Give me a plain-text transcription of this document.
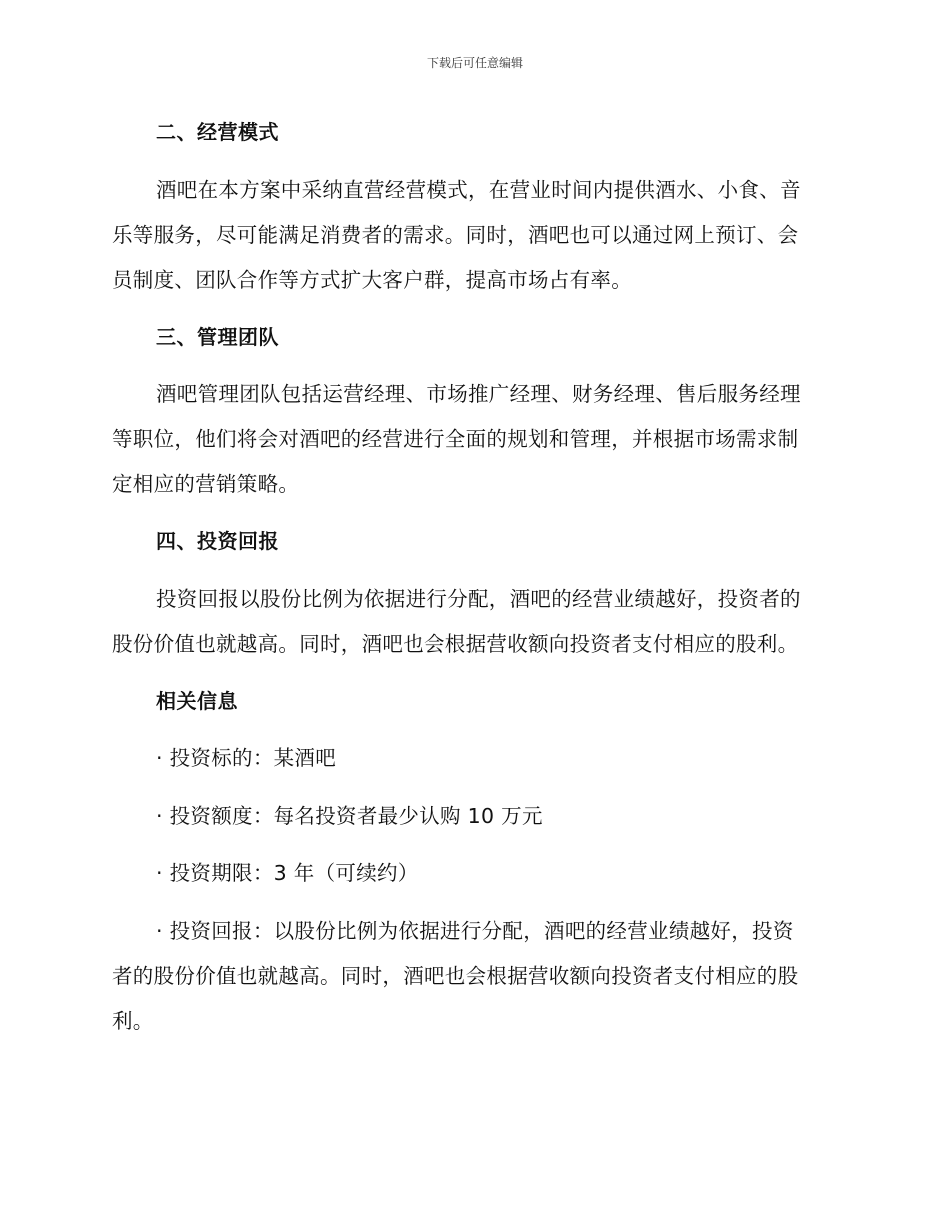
下载后可任意编辑
二、经营模式
酒吧在本方案中采纳直营经营模式，在营业时间内提供酒水、小食、音
乐等服务，尽可能满足消费者的需求。同时，酒吧也可以通过网上预订、会
员制度、团队合作等方式扩大客户群，提高市场占有率。
三、管理团队
酒吧管理团队包括运营经理、市场推广经理、财务经理、售后服务经理
等职位，他们将会对酒吧的经营进行全面的规划和管理，并根据市场需求制
定相应的营销策略。
四、投资回报
投资回报以股份比例为依据进行分配，酒吧的经营业绩越好，投资者的
股份价值也就越高。同时，酒吧也会根据营收额向投资者支付相应的股利。
相关信息
· 投资标的：某酒吧
· 投资额度：每名投资者最少认购 10 万元
· 投资期限：3 年（可续约）
· 投资回报：以股份比例为依据进行分配，酒吧的经营业绩越好，投资
者的股份价值也就越高。同时，酒吧也会根据营收额向投资者支付相应的股
利。
